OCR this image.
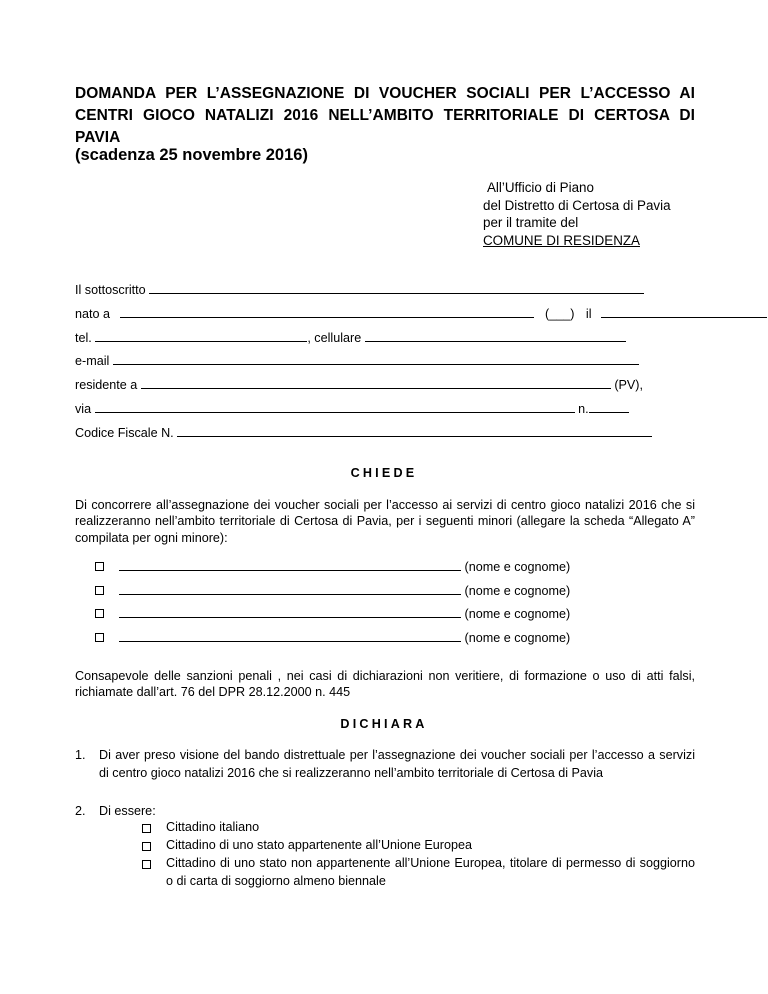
DOMANDA PER L’ASSEGNAZIONE DI VOUCHER SOCIALI PER L’ACCESSO AI CENTRI GIOCO NATALIZI 2016 NELL’AMBITO TERRITORIALE DI CERTOSA DI PAVIA
(scadenza 25 novembre 2016)
All’Ufficio di Piano
del Distretto di Certosa di Pavia
per il tramite del
COMUNE DI RESIDENZA
Il sottoscritto
nato a	(___) il
tel.	, cellulare
e-mail
residente a	(PV),
via	n.
Codice Fiscale N.
CHIEDE
Di concorrere all’assegnazione dei voucher sociali per l’accesso ai servizi di centro gioco natalizi 2016 che si realizzeranno nell’ambito territoriale di Certosa di Pavia, per i seguenti minori (allegare la scheda “Allegato A” compilata per ogni minore):
(nome e cognome)
(nome e cognome)
(nome e cognome)
(nome e cognome)
Consapevole delle sanzioni penali , nei casi di dichiarazioni non veritiere, di formazione o uso di atti falsi, richiamate dall’art. 76 del DPR 28.12.2000 n. 445
DICHIARA
1. Di aver preso visione del bando distrettuale per l’assegnazione dei voucher sociali per l’accesso a servizi di centro gioco natalizi 2016 che si realizzeranno nell’ambito territoriale di Certosa di Pavia
2. Di essere:
Cittadino italiano
Cittadino di uno stato appartenente all’Unione Europea
Cittadino di uno stato non appartenente all’Unione Europea, titolare di permesso di soggiorno o di carta di soggiorno almeno biennale
